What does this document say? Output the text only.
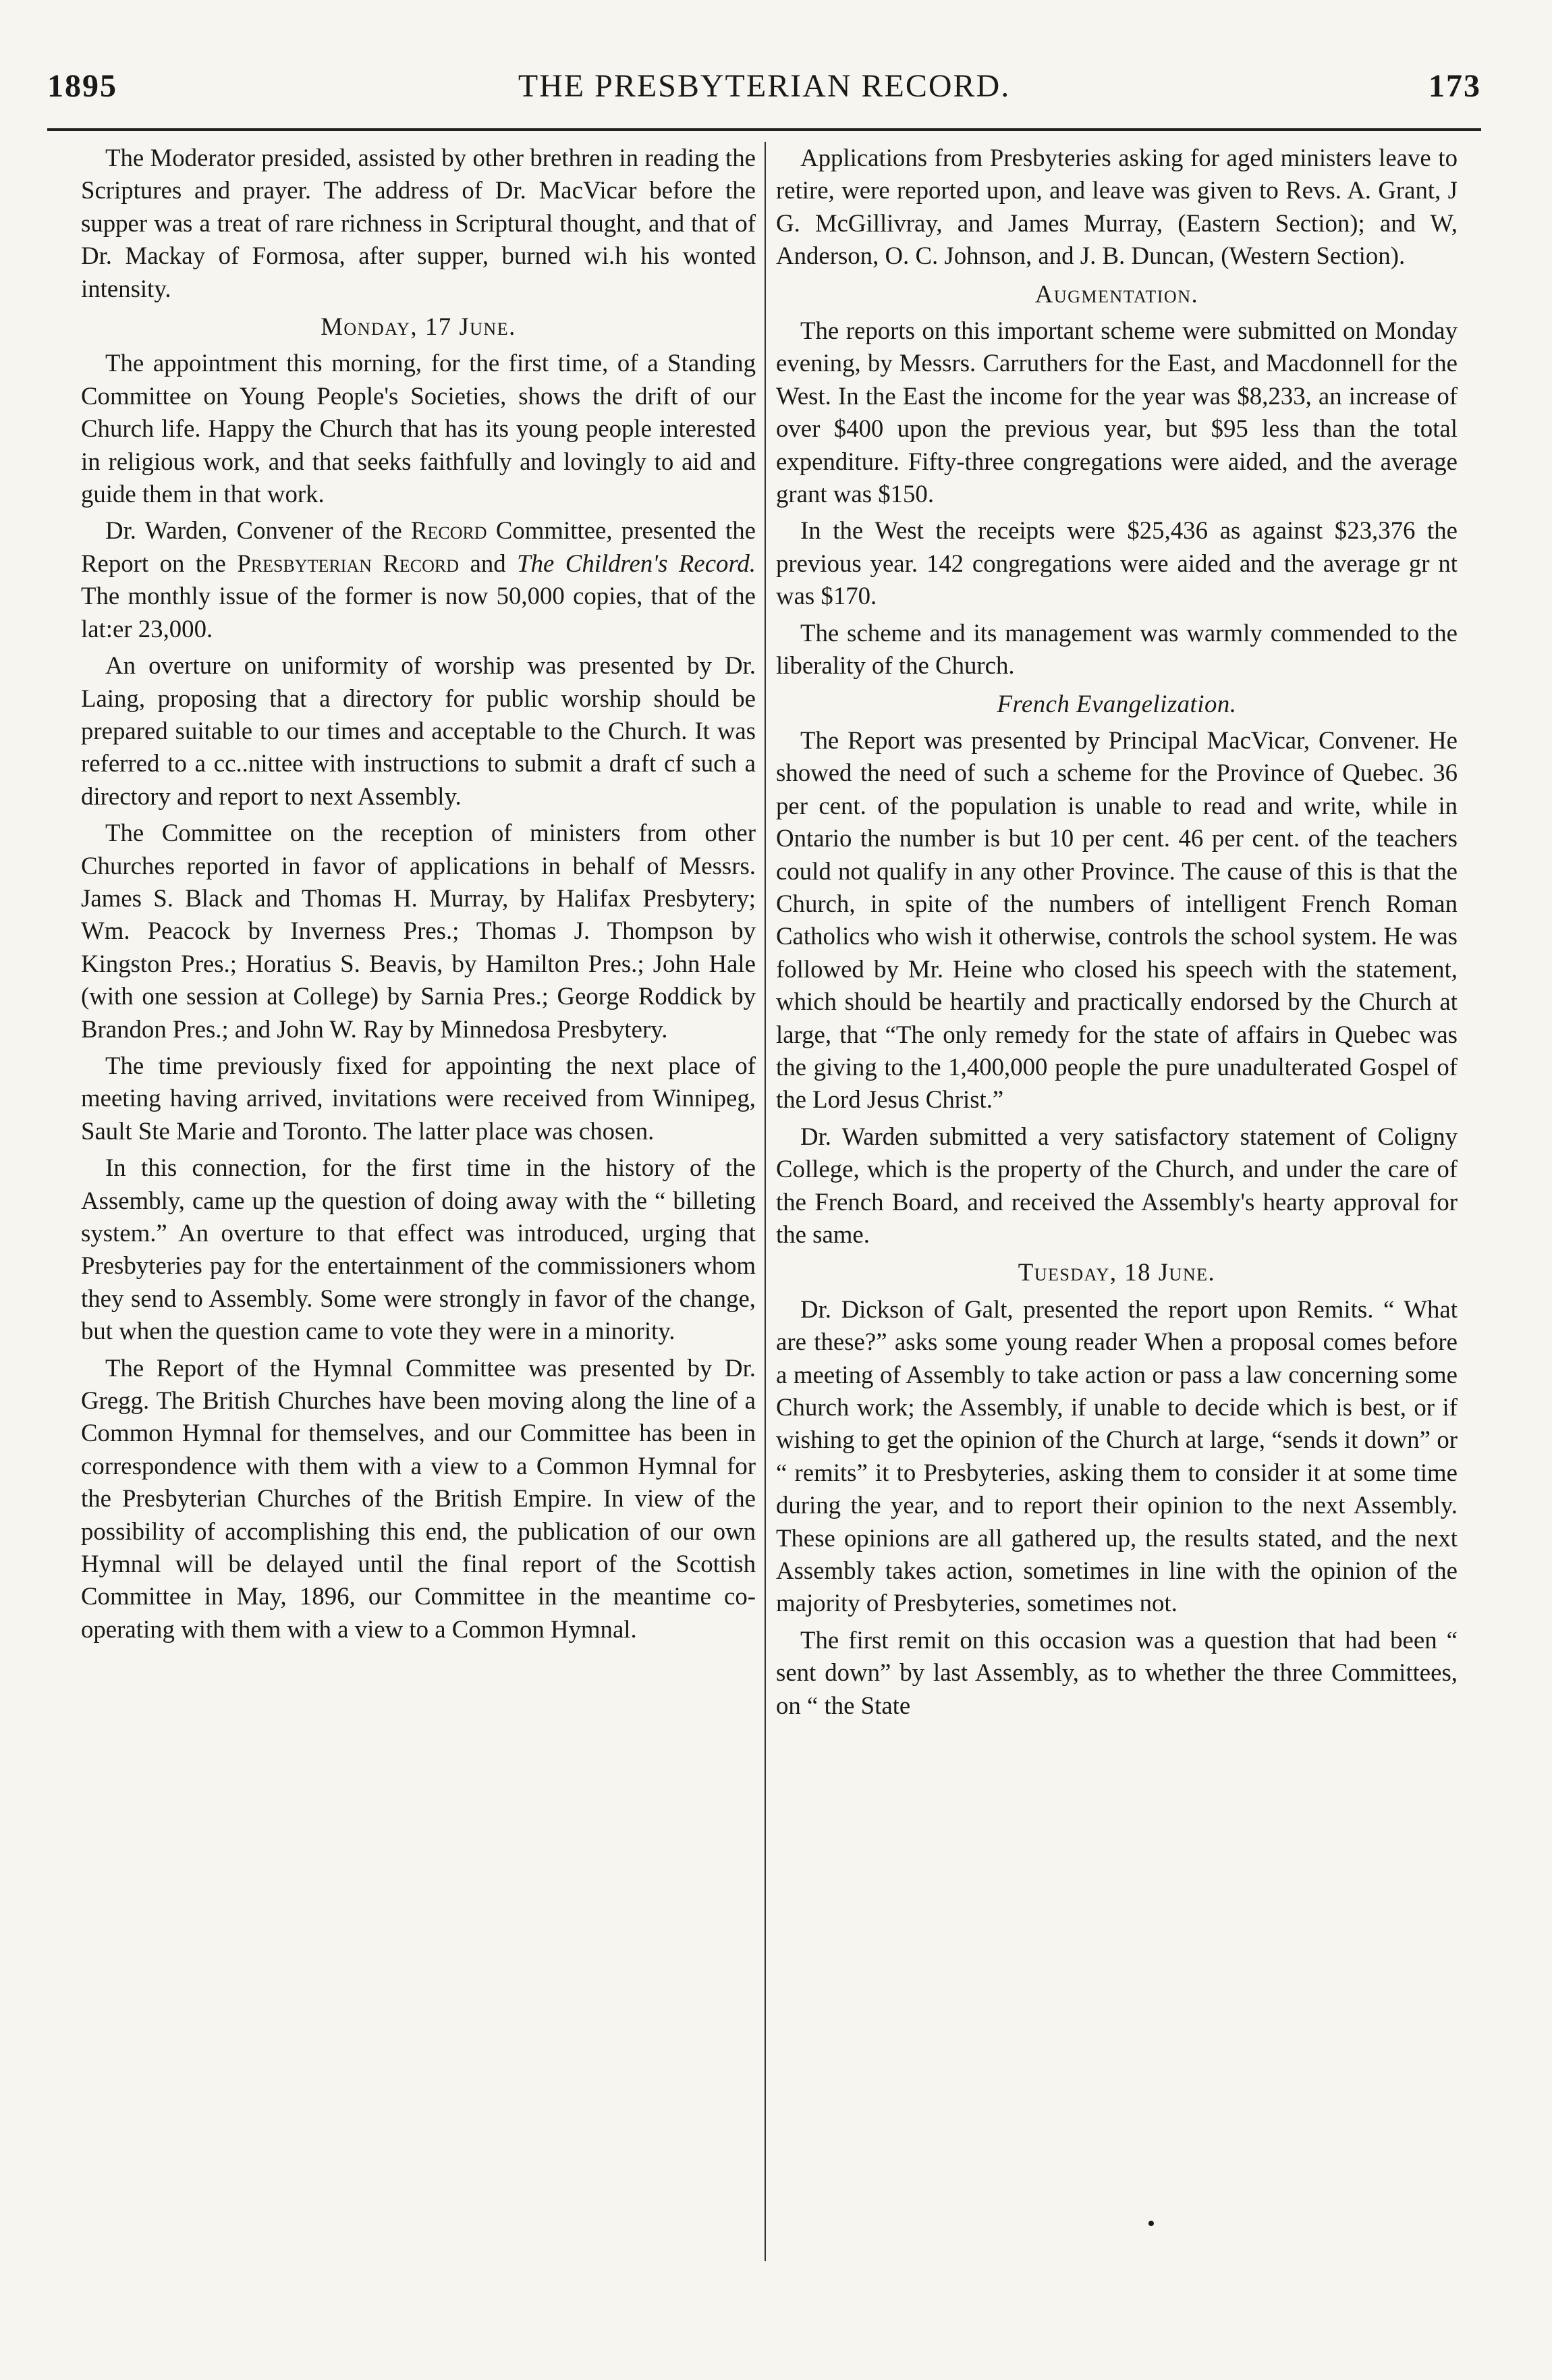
1895	THE PRESBYTERIAN RECORD.	173

The Moderator presided, assisted by other brethren in reading the Scriptures and prayer. The address of Dr. MacVicar before the supper was a treat of rare richness in Scriptural thought, and that of Dr. Mackay of Formosa, after supper, burned wi.h his wonted intensity.

Monday, 17 June.

The appointment this morning, for the first time, of a Standing Committee on Young People's Societies, shows the drift of our Church life. Happy the Church that has its young people interested in religious work, and that seeks faithfully and lovingly to aid and guide them in that work.

Dr. Warden, Convener of the Record Committee, presented the Report on the Presbyterian Record and The Children's Record. The monthly issue of the former is now 50,000 copies, that of the lat:er 23,000.

An overture on uniformity of worship was presented by Dr. Laing, proposing that a directory for public worship should be prepared suitable to our times and acceptable to the Church. It was referred to a cc..nittee with instructions to submit a draft cf such a directory and report to next Assembly.

The Committee on the reception of ministers from other Churches reported in favor of applications in behalf of Messrs. James S. Black and Thomas H. Murray, by Halifax Presbytery; Wm. Peacock by Inverness Pres.; Thomas J. Thompson by Kingston Pres.; Horatius S. Beavis, by Hamilton Pres.; John Hale (with one session at College) by Sarnia Pres.; George Roddick by Brandon Pres.; and John W. Ray by Minnedosa Presbytery.

The time previously fixed for appointing the next place of meeting having arrived, invitations were received from Winnipeg, Sault Ste Marie and Toronto. The latter place was chosen.

In this connection, for the first time in the history of the Assembly, came up the question of doing away with the “ billeting system.” An overture to that effect was introduced, urging that Presbyteries pay for the entertainment of the commissioners whom they send to Assembly. Some were strongly in favor of the change, but when the question came to vote they were in a minority.

The Report of the Hymnal Committee was presented by Dr. Gregg. The British Churches have been moving along the line of a Common Hymnal for themselves, and our Committee has been in correspondence with them with a view to a Common Hymnal for the Presbyterian Churches of the British Empire. In view of the possibility of accomplishing this end, the publication of our own Hymnal will be delayed until the final report of the Scottish Committee in May, 1896, our Committee in the meantime co-operating with them with a view to a Common Hymnal.

Applications from Presbyteries asking for aged ministers leave to retire, were reported upon, and leave was given to Revs. A. Grant, J G. McGillivray, and James Murray, (Eastern Section); and W, Anderson, O. C. Johnson, and J. B. Duncan, (Western Section).

Augmentation.

The reports on this important scheme were submitted on Monday evening, by Messrs. Carruthers for the East, and Macdonnell for the West. In the East the income for the year was $8,233, an increase of over $400 upon the previous year, but $95 less than the total expenditure. Fifty-three congregations were aided, and the average grant was $150.

In the West the receipts were $25,436 as against $23,376 the previous year. 142 congregations were aided and the average gr nt was $170.

The scheme and its management was warmly commended to the liberality of the Church.

French Evangelization.

The Report was presented by Principal MacVicar, Convener. He showed the need of such a scheme for the Province of Quebec. 36 per cent. of the population is unable to read and write, while in Ontario the number is but 10 per cent. 46 per cent. of the teachers could not qualify in any other Province. The cause of this is that the Church, in spite of the numbers of intelligent French Roman Catholics who wish it otherwise, controls the school system. He was followed by Mr. Heine who closed his speech with the statement, which should be heartily and practically endorsed by the Church at large, that “The only remedy for the state of affairs in Quebec was the giving to the 1,400,000 people the pure unadulterated Gospel of the Lord Jesus Christ.”

Dr. Warden submitted a very satisfactory statement of Coligny College, which is the property of the Church, and under the care of the French Board, and received the Assembly's hearty approval for the same.

Tuesday, 18 June.

Dr. Dickson of Galt, presented the report upon Remits. “ What are these?” asks some young reader When a proposal comes before a meeting of Assembly to take action or pass a law concerning some Church work; the Assembly, if unable to decide which is best, or if wishing to get the opinion of the Church at large, “sends it down” or “ remits” it to Presbyteries, asking them to consider it at some time during the year, and to report their opinion to the next Assembly. These opinions are all gathered up, the results stated, and the next Assembly takes action, sometimes in line with the opinion of the majority of Presbyteries, sometimes not.

The first remit on this occasion was a question that had been “ sent down” by last Assembly, as to whether the three Committees, on “ the State

•
